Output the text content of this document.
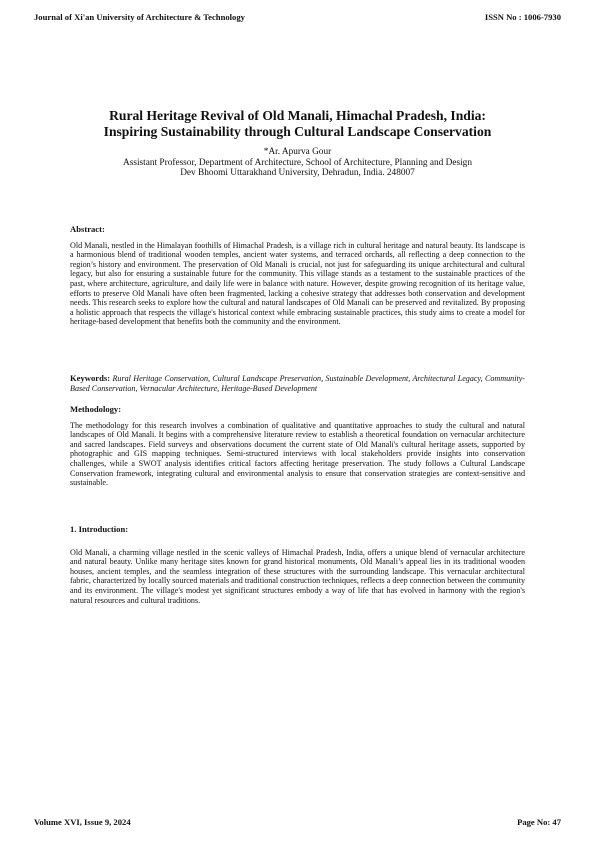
Journal of Xi'an University of Architecture & Technology	ISSN No : 1006-7930
Rural Heritage Revival of Old Manali, Himachal Pradesh, India:
Inspiring Sustainability through Cultural Landscape Conservation
*Ar. Apurva Gour
Assistant Professor, Department of Architecture, School of Architecture, Planning and Design
Dev Bhoomi Uttarakhand University, Dehradun, India. 248007
Abstract:
Old Manali, nestled in the Himalayan foothills of Himachal Pradesh, is a village rich in cultural heritage and natural beauty. Its landscape is a harmonious blend of traditional wooden temples, ancient water systems, and terraced orchards, all reflecting a deep connection to the region’s history and environment. The preservation of Old Manali is crucial, not just for safeguarding its unique architectural and cultural legacy, but also for ensuring a sustainable future for the community. This village stands as a testament to the sustainable practices of the past, where architecture, agriculture, and daily life were in balance with nature. However, despite growing recognition of its heritage value, efforts to preserve Old Manali have often been fragmented, lacking a cohesive strategy that addresses both conservation and development needs. This research seeks to explore how the cultural and natural landscapes of Old Manali can be preserved and revitalized. By proposing a holistic approach that respects the village's historical context while embracing sustainable practices, this study aims to create a model for heritage-based development that benefits both the community and the environment.
Keywords: Rural Heritage Conservation, Cultural Landscape Preservation, Sustainable Development, Architectural Legacy, Community-Based Conservation, Vernacular Architecture, Heritage-Based Development
Methodology:
The methodology for this research involves a combination of qualitative and quantitative approaches to study the cultural and natural landscapes of Old Manali. It begins with a comprehensive literature review to establish a theoretical foundation on vernacular architecture and sacred landscapes. Field surveys and observations document the current state of Old Manali's cultural heritage assets, supported by photographic and GIS mapping techniques. Semi-structured interviews with local stakeholders provide insights into conservation challenges, while a SWOT analysis identifies critical factors affecting heritage preservation. The study follows a Cultural Landscape Conservation framework, integrating cultural and environmental analysis to ensure that conservation strategies are context-sensitive and sustainable.
1. Introduction:
Old Manali, a charming village nestled in the scenic valleys of Himachal Pradesh, India, offers a unique blend of vernacular architecture and natural beauty. Unlike many heritage sites known for grand historical monuments, Old Manali’s appeal lies in its traditional wooden houses, ancient temples, and the seamless integration of these structures with the surrounding landscape. This vernacular architectural fabric, characterized by locally sourced materials and traditional construction techniques, reflects a deep connection between the community and its environment. The village's modest yet significant structures embody a way of life that has evolved in harmony with the region's natural resources and cultural traditions.
Volume XVI, Issue 9, 2024	Page No: 47
